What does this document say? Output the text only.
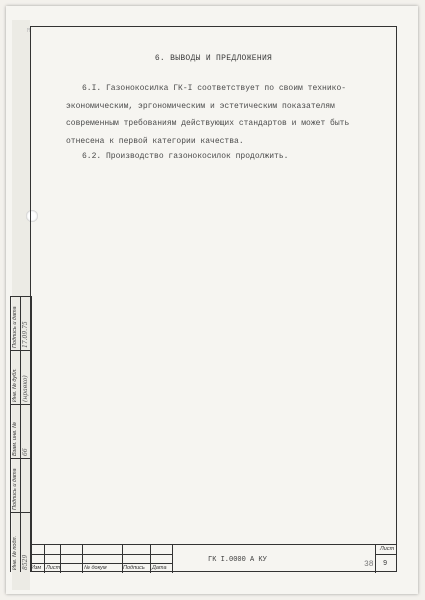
ꟸ
6. ВЫВОДЫ И ПРЕДЛОЖЕНИЯ
6.I. Газонокосилка ГК-I соответствует по своим технико-
экономическим, эргономическим и эстетическим показателям
современным требованиям действующих стандартов и может быть
отнесена к первой категории качества.
6.2. Производство газонокосилок продолжить.
Инв. № подл.
Подпись и дата
Взам. инв. №
Инв. № дубл.
Подпись и дата
8529
66
(нравко)
17.09.75
Изм Лист	№ докум	Подпись Дата
ГК I.0000 А КУ
Лист
9
38
